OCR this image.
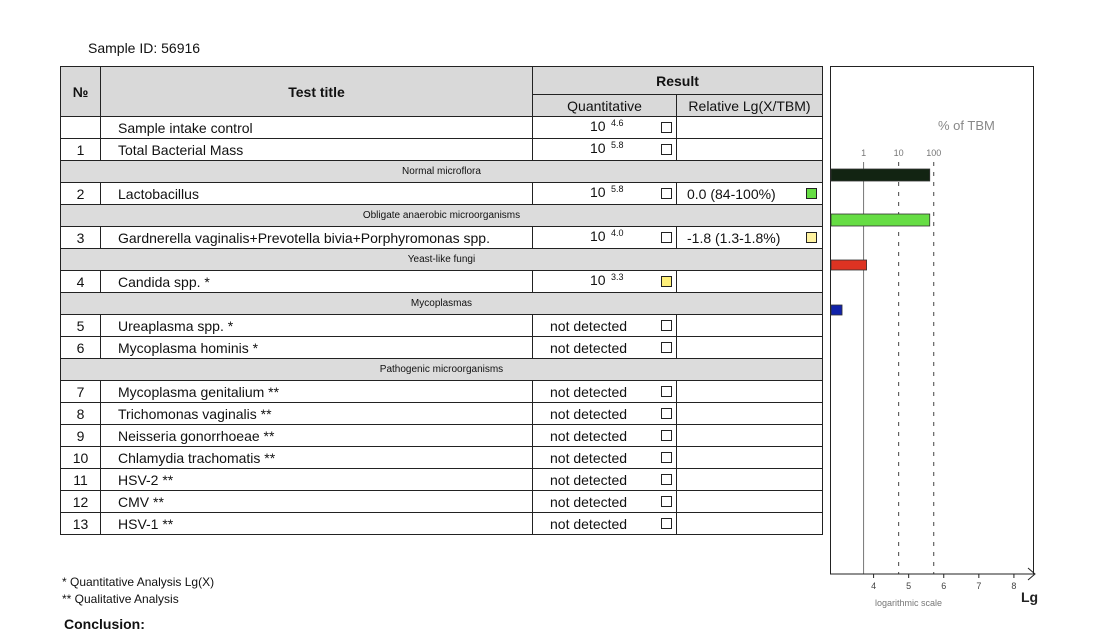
Sample ID: 56916
№	Test title	Result	
		Quantitative	Relative Lg(X/TBM)
	Sample intake control	10 4.6	

1	Total Bacterial Mass	10 5.8	

Normal microflora			
2	Lactobacillus	10 5.8	0.0 (84-100%)

Obligate anaerobic microorganisms			
3	Gardnerella vaginalis+Prevotella bivia+Porphyromonas spp.	10 4.0	-1.8 (1.3-1.8%)

Yeast-like fungi			
4	Candida spp. *	10 3.3	

Mycoplasmas			
5	Ureaplasma spp. *	not detected	

6	Mycoplasma hominis *	not detected	

Pathogenic microorganisms			
7	Mycoplasma genitalium **	not detected	

8	Trichomonas vaginalis **	not detected	

9	Neisseria gonorrhoeae **	not detected	

10	Chlamydia trachomatis **	not detected	

11	HSV-2 **	not detected	

12	CMV **	not detected	

13	HSV-1 **	not detected	

% of TBM
1	10	100
4	5	6	7	8
logarithmic scale	Lg
* Quantitative Analysis Lg(X)
** Qualitative Analysis
Conclusion:
